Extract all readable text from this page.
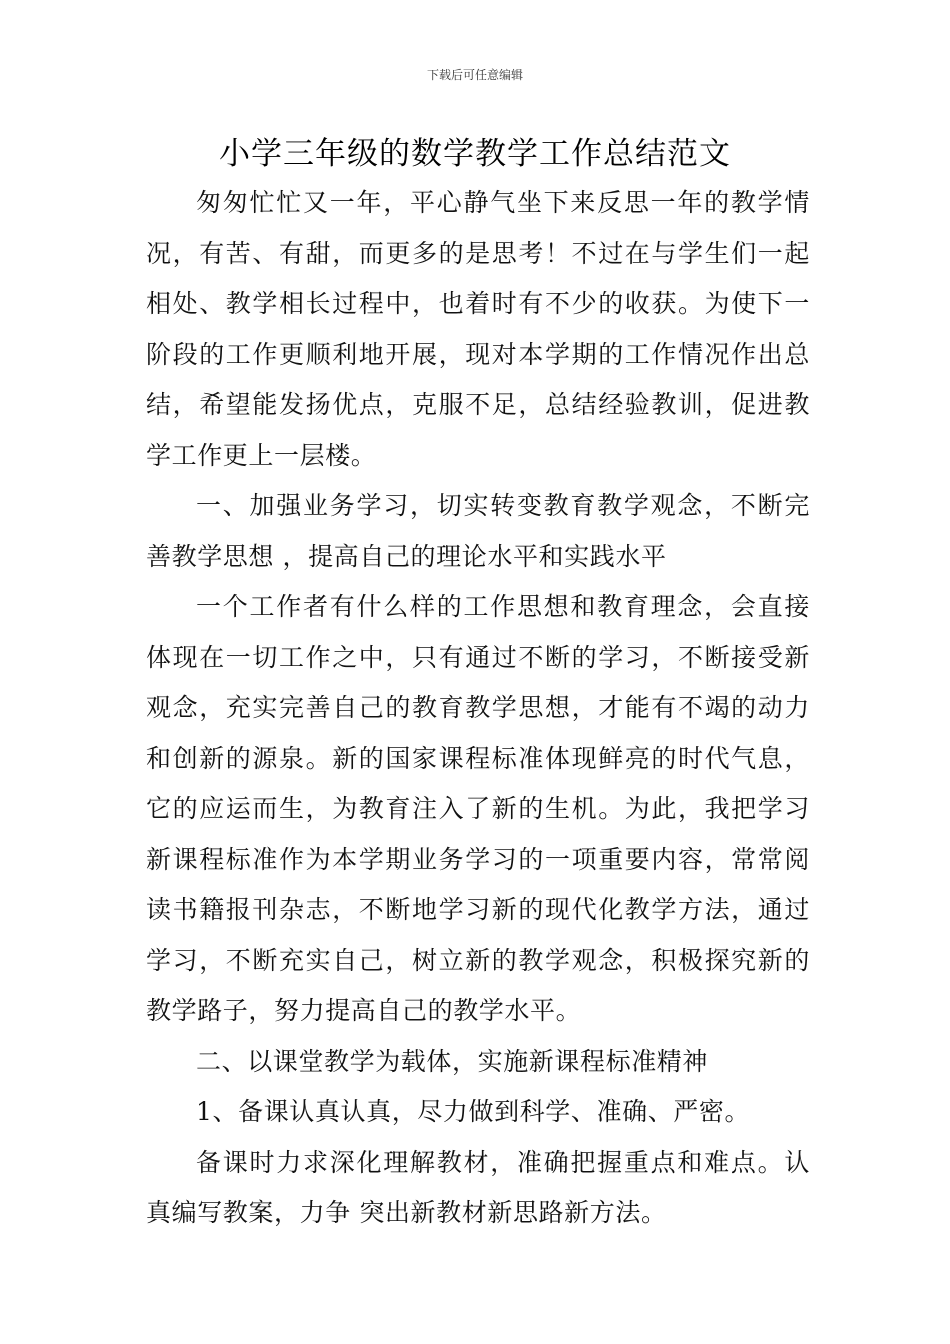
下载后可任意编辑
小学三年级的数学教学工作总结范文

匆匆忙忙又一年，平心静气坐下来反思一年的教学情况，有苦、有甜，而更多的是思考！不过在与学生们一起相处、教学相长过程中，也着时有不少的收获。为使下一阶段的工作更顺利地开展，现对本学期的工作情况作出总结，希望能发扬优点，克服不足，总结经验教训，促进教学工作更上一层楼。

一、加强业务学习，切实转变教育教学观念，不断完善教学思想 ，提高自己的理论水平和实践水平

一个工作者有什么样的工作思想和教育理念，会直接体现在一切工作之中，只有通过不断的学习，不断接受新观念，充实完善自己的教育教学思想，才能有不竭的动力和创新的源泉。新的国家课程标准体现鲜亮的时代气息，它的应运而生，为教育注入了新的生机。为此，我把学习新课程标准作为本学期业务学习的一项重要内容，常常阅读书籍报刊杂志，不断地学习新的现代化教学方法，通过学习，不断充实自己，树立新的教学观念，积极探究新的教学路子，努力提高自己的教学水平。

二、以课堂教学为载体，实施新课程标准精神

1、备课认真认真，尽力做到科学、准确、严密。

备课时力求深化理解教材，准确把握重点和难点。认真编写教案，力争 突出新教材新思路新方法。
